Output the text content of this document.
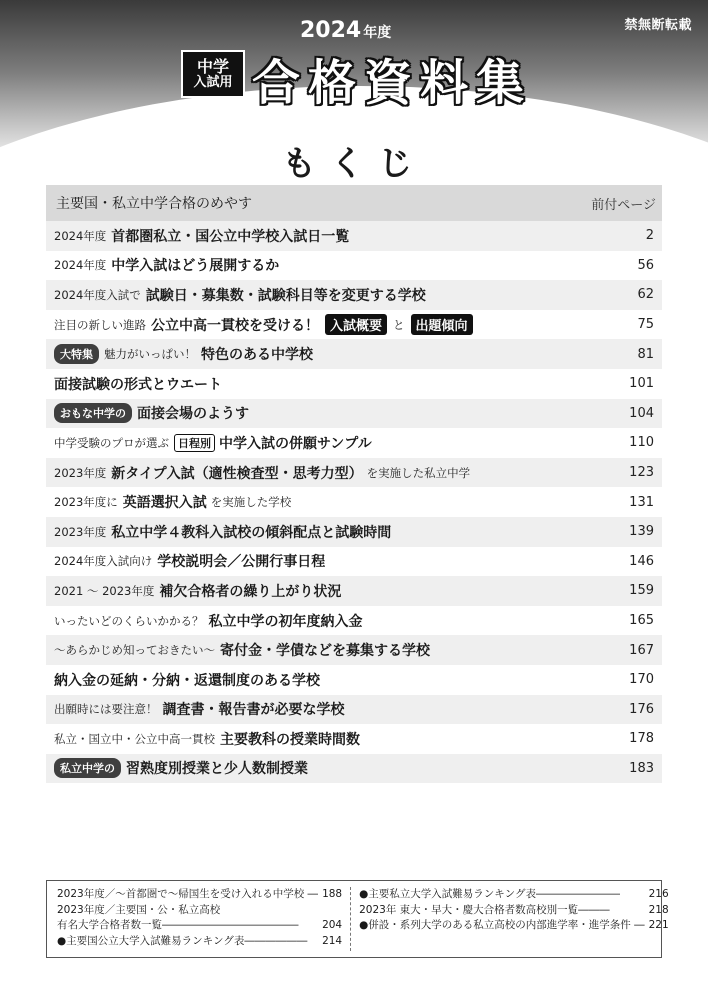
禁無断転載
2024 年度
中学
入試用 合格資料集
もくじ
主要国・私立中学合格のめやす	前付ページ
2024年度 首都圏私立・国公立中学校入試日一覧	2
2024年度 中学入試はどう展開するか	56
2024年度入試で 試験日・募集数・試験科目等を変更する学校	62
注目の新しい進路 公立中高一貫校を受ける！ 入試概要 と 出題傾向	75
大特集 魅力がいっぱい！ 特色のある中学校	81
面接試験の形式とウエート	101
おもな中学の 面接会場のようす	104
中学受験のプロが選ぶ 日程別 中学入試の併願サンプル	110
2023年度 新タイプ入試（適性検査型・思考力型） を実施した私立中学	123
2023年度に 英語選択入試 を実施した学校	131
2023年度 私立中学４教科入試校の傾斜配点と試験時間	139
2024年度入試向け 学校説明会／公開行事日程	146
2021 ～ 2023年度 補欠合格者の繰り上がり状況	159
いったいどのくらいかかる？ 私立中学の初年度納入金	165
～あらかじめ知っておきたい～ 寄付金・学債などを募集する学校	167
納入金の延納・分納・返還制度のある学校	170
出願時には要注意！ 調査書・報告書が必要な学校	176
私立・国立中・公立中高一貫校 主要教科の授業時間数	178
私立中学の 習熟度別授業と少人数制授業	183
2023年度／～首都圏で～帰国生を受け入れる中学校 ― 188
2023年度／主要国・公・私立高校
有名大学合格者数一覧――――――――――――― 204
●主要国公立大学入試難易ランキング表―――――― 214
●主要私立大学入試難易ランキング表――――――――	216
2023年 東大・早大・慶大合格者数高校別一覧―――	218
●併設・系列大学のある私立高校の内部進学率・進学条件 ― 221
